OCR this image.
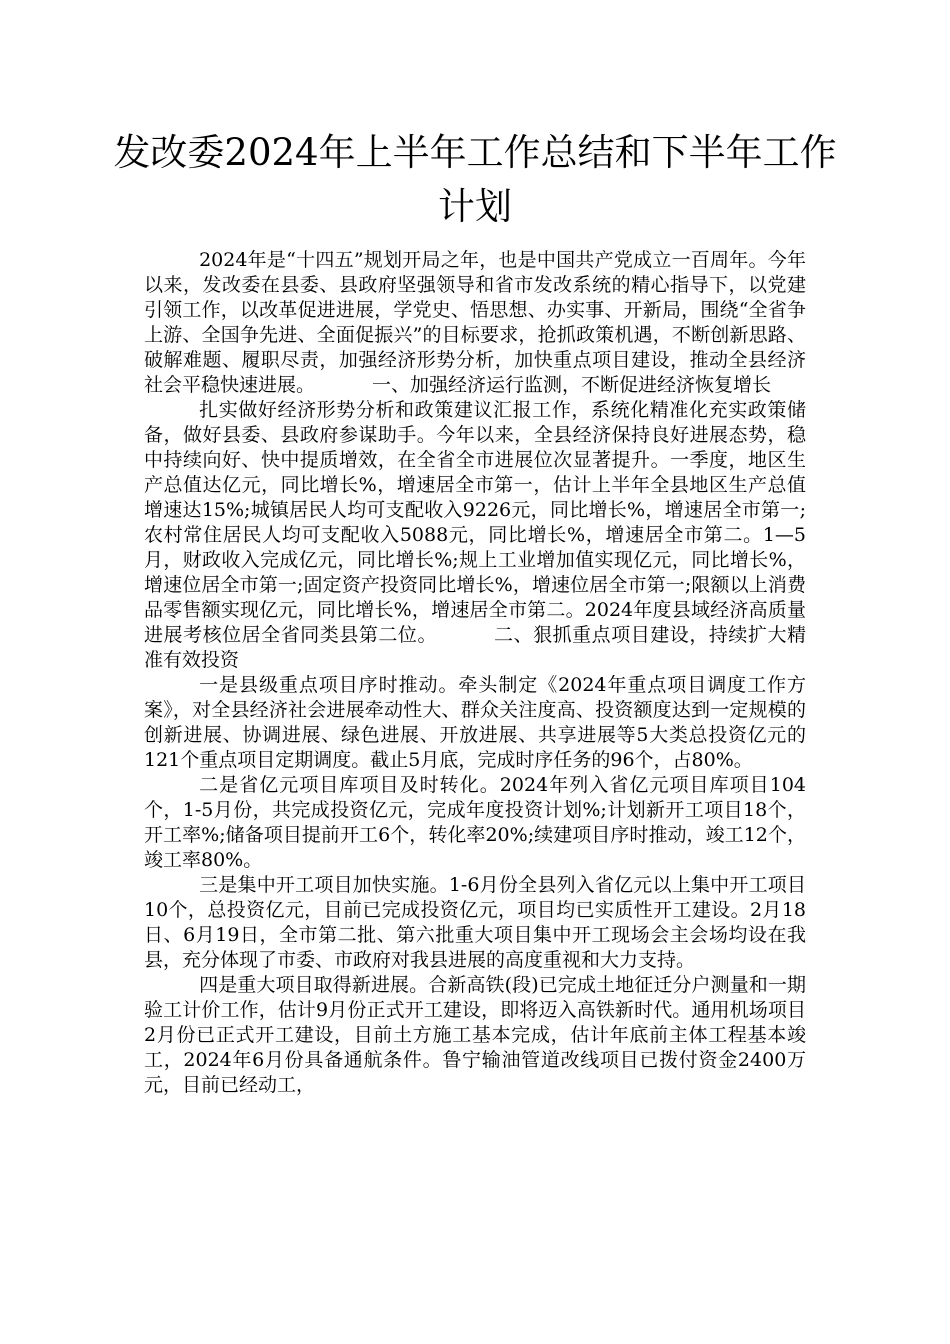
发改委2024年上半年工作总结和下半年工作计划

2024年是“十四五”规划开局之年，也是中国共产党成立一百周年。今年以来，发改委在县委、县政府坚强领导和省市发改系统的精心指导下，以党建引领工作，以改革促进进展，学党史、悟思想、办实事、开新局，围绕“全省争上游、全国争先进、全面促振兴”的目标要求，抢抓政策机遇，不断创新思路、破解难题、履职尽责，加强经济形势分析，加快重点项目建设，推动全县经济社会平稳快速进展。	一、加强经济运行监测，不断促进经济恢复增长

扎实做好经济形势分析和政策建议汇报工作，系统化精准化充实政策储备，做好县委、县政府参谋助手。今年以来，全县经济保持良好进展态势，稳中持续向好、快中提质增效，在全省全市进展位次显著提升。一季度，地区生产总值达亿元，同比增长%，增速居全市第一，估计上半年全县地区生产总值增速达15%;城镇居民人均可支配收入9226元，同比增长%，增速居全市第一;农村常住居民人均可支配收入5088元，同比增长%，增速居全市第二。1—5月，财政收入完成亿元，同比增长%;规上工业增加值实现亿元，同比增长%，增速位居全市第一;固定资产投资同比增长%，增速位居全市第一;限额以上消费品零售额实现亿元，同比增长%，增速居全市第二。2024年度县域经济高质量进展考核位居全省同类县第二位。	二、狠抓重点项目建设，持续扩大精准有效投资

一是县级重点项目序时推动。牵头制定《2024年重点项目调度工作方案》，对全县经济社会进展牵动性大、群众关注度高、投资额度达到一定规模的创新进展、协调进展、绿色进展、开放进展、共享进展等5大类总投资亿元的121个重点项目定期调度。截止5月底，完成时序任务的96个，占80%。

二是省亿元项目库项目及时转化。2024年列入省亿元项目库项目104个，1-5月份，共完成投资亿元，完成年度投资计划%;计划新开工项目18个，开工率%;储备项目提前开工6个，转化率20%;续建项目序时推动，竣工12个，竣工率80%。

三是集中开工项目加快实施。1-6月份全县列入省亿元以上集中开工项目10个，总投资亿元，目前已完成投资亿元，项目均已实质性开工建设。2月18日、6月19日，全市第二批、第六批重大项目集中开工现场会主会场均设在我县，充分体现了市委、市政府对我县进展的高度重视和大力支持。

四是重大项目取得新进展。合新高铁(段)已完成土地征迁分户测量和一期验工计价工作，估计9月份正式开工建设，即将迈入高铁新时代。通用机场项目2月份已正式开工建设，目前土方施工基本完成，估计年底前主体工程基本竣工，2024年6月份具备通航条件。鲁宁输油管道改线项目已拨付资金2400万元，目前已经动工，
